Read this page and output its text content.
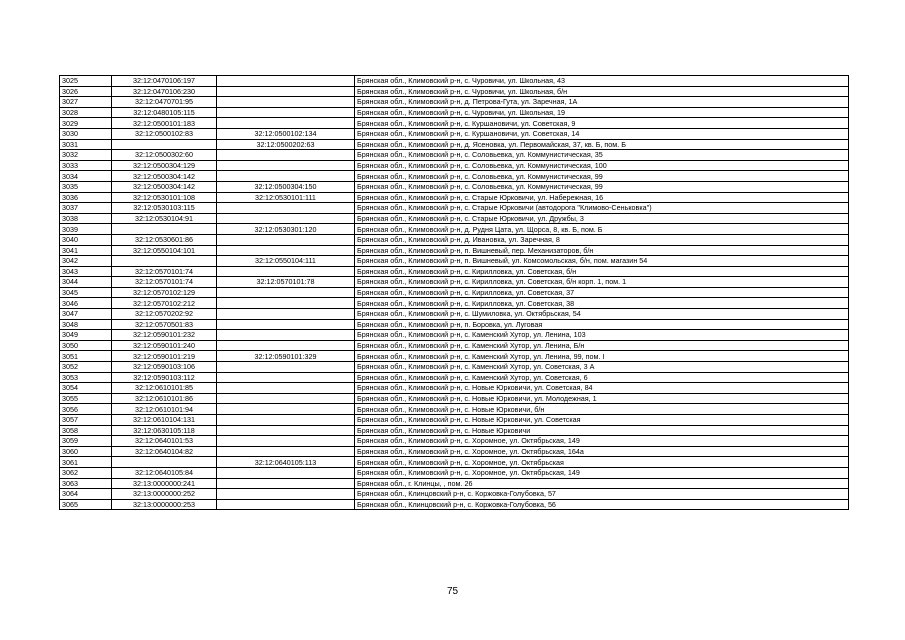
3025	32:12:0470106:197		Брянская обл., Климовский р-н, с. Чуровичи, ул. Школьная, 43
3026	32:12:0470106:230		Брянская обл., Климовский р-н, с. Чуровичи, ул. Школьная, б/н
3027	32:12:0470701:95		Брянская обл., Климовский р-н, д. Петрова-Гута, ул. Заречная, 1А
3028	32:12:0480105:115		Брянская обл., Климовский р-н, с. Чуровичи, ул. Школьная, 19
3029	32:12:0500101:183		Брянская обл., Климовский р-н, с. Куршановичи, ул. Советская, 9
3030	32:12:0500102:83	32:12:0500102:134	Брянская обл., Климовский р-н, с. Куршановичи, ул. Советская, 14
3031		32:12:0500202:63	Брянская обл., Климовский р-н, д. Ясеновка, ул. Первомайская, 37, кв. Б, пом. Б
3032	32:12:0500302:60		Брянская обл., Климовский р-н, с. Соловьевка, ул. Коммунистическая, 35
3033	32:12:0500304:129		Брянская обл., Климовский р-н, с. Соловьевка, ул. Коммунистическая, 100
3034	32:12:0500304:142		Брянская обл., Климовский р-н, с. Соловьевка, ул. Коммунистическая, 99
3035	32:12:0500304:142	32:12:0500304:150	Брянская обл., Климовский р-н, с. Соловьевка, ул. Коммунистическая, 99
3036	32:12:0530101:108	32:12:0530101:111	Брянская обл., Климовский р-н, с. Старые Юрковичи, ул. Набережная, 16
3037	32:12:0530103:115		Брянская обл., Климовский р-н, с. Старые Юрковичи (автодорога "Климово-Сеньковка")
3038	32:12:0530104:91		Брянская обл., Климовский р-н, с. Старые Юрковичи, ул. Дружбы, 3
3039		32:12:0530301:120	Брянская обл., Климовский р-н, д. Рудня Цата, ул. Щорса, 8, кв. Б, пом. Б
3040	32:12:0530601:86		Брянская обл., Климовский р-н, д. Ивановка, ул. Заречная, 8
3041	32:12:0550104:101		Брянская обл., Климовский р-н, п. Вишневый, пер. Механизаторов, б/н
3042		32:12:0550104:111	Брянская обл., Климовский р-н, п. Вишневый, ул. Комсомольская, б/н, пом. магазин 54
3043	32:12:0570101:74		Брянская обл., Климовский р-н, с. Кирилловка, ул. Советская, б/н
3044	32:12:0570101:74	32:12:0570101:78	Брянская обл., Климовский р-н, с. Кирилловка, ул. Советская, б/н корп. 1, пом. 1
3045	32:12:0570102:129		Брянская обл., Климовский р-н, с. Кирилловка, ул. Советская, 37
3046	32:12:0570102:212		Брянская обл., Климовский р-н, с. Кирилловка, ул. Советская, 38
3047	32:12:0570202:92		Брянская обл., Климовский р-н, с. Шумиловка, ул. Октябрьская, 54
3048	32:12:0570501:83		Брянская обл., Климовский р-н, п. Боровка, ул. Луговая
3049	32:12:0590101:232		Брянская обл., Климовский р-н, с. Каменский Хутор, ул. Ленина, 103
3050	32:12:0590101:240		Брянская обл., Климовский р-н, с. Каменский Хутор, ул. Ленина, Б/н
3051	32:12:0590101:219	32:12:0590101:329	Брянская обл., Климовский р-н, с. Каменский Хутор, ул. Ленина, 99, пом. I
3052	32:12:0590103:106		Брянская обл., Климовский р-н, с. Каменский Хутор, ул. Советская, 3 А
3053	32:12:0590103:112		Брянская обл., Климовский р-н, с. Каменский Хутор, ул. Советская, 6
3054	32:12:0610101:85		Брянская обл., Климовский р-н, с. Новые Юрковичи, ул. Советская, 84
3055	32:12:0610101:86		Брянская обл., Климовский р-н, с. Новые Юрковичи, ул. Молодежная, 1
3056	32:12:0610101:94		Брянская обл., Климовский р-н, с. Новые Юрковичи, б/н
3057	32:12:0610104:131		Брянская обл., Климовский р-н, с. Новые Юрковичи, ул. Советская
3058	32:12:0630105:118		Брянская обл., Климовский р-н, с. Новые Юрковичи
3059	32:12:0640101:53		Брянская обл., Климовский р-н, с. Хоромное, ул. Октябрьская, 149
3060	32:12:0640104:82		Брянская обл., Климовский р-н, с. Хоромное, ул. Октябрьская, 164а
3061		32:12:0640105:113	Брянская обл., Климовский р-н, с. Хоромное, ул. Октябрьская
3062	32:12:0640105:84		Брянская обл., Климовский р-н, с. Хоромное, ул. Октябрьская, 149
3063	32:13:0000000:241		Брянская обл., г. Клинцы, , пом. 26
3064	32:13:0000000:252		Брянская обл., Клинцовский р-н, с. Коржовка-Голубовка, 57
3065	32:13:0000000:253		Брянская обл., Клинцовский р-н, с. Коржовка-Голубовка, 56
75
